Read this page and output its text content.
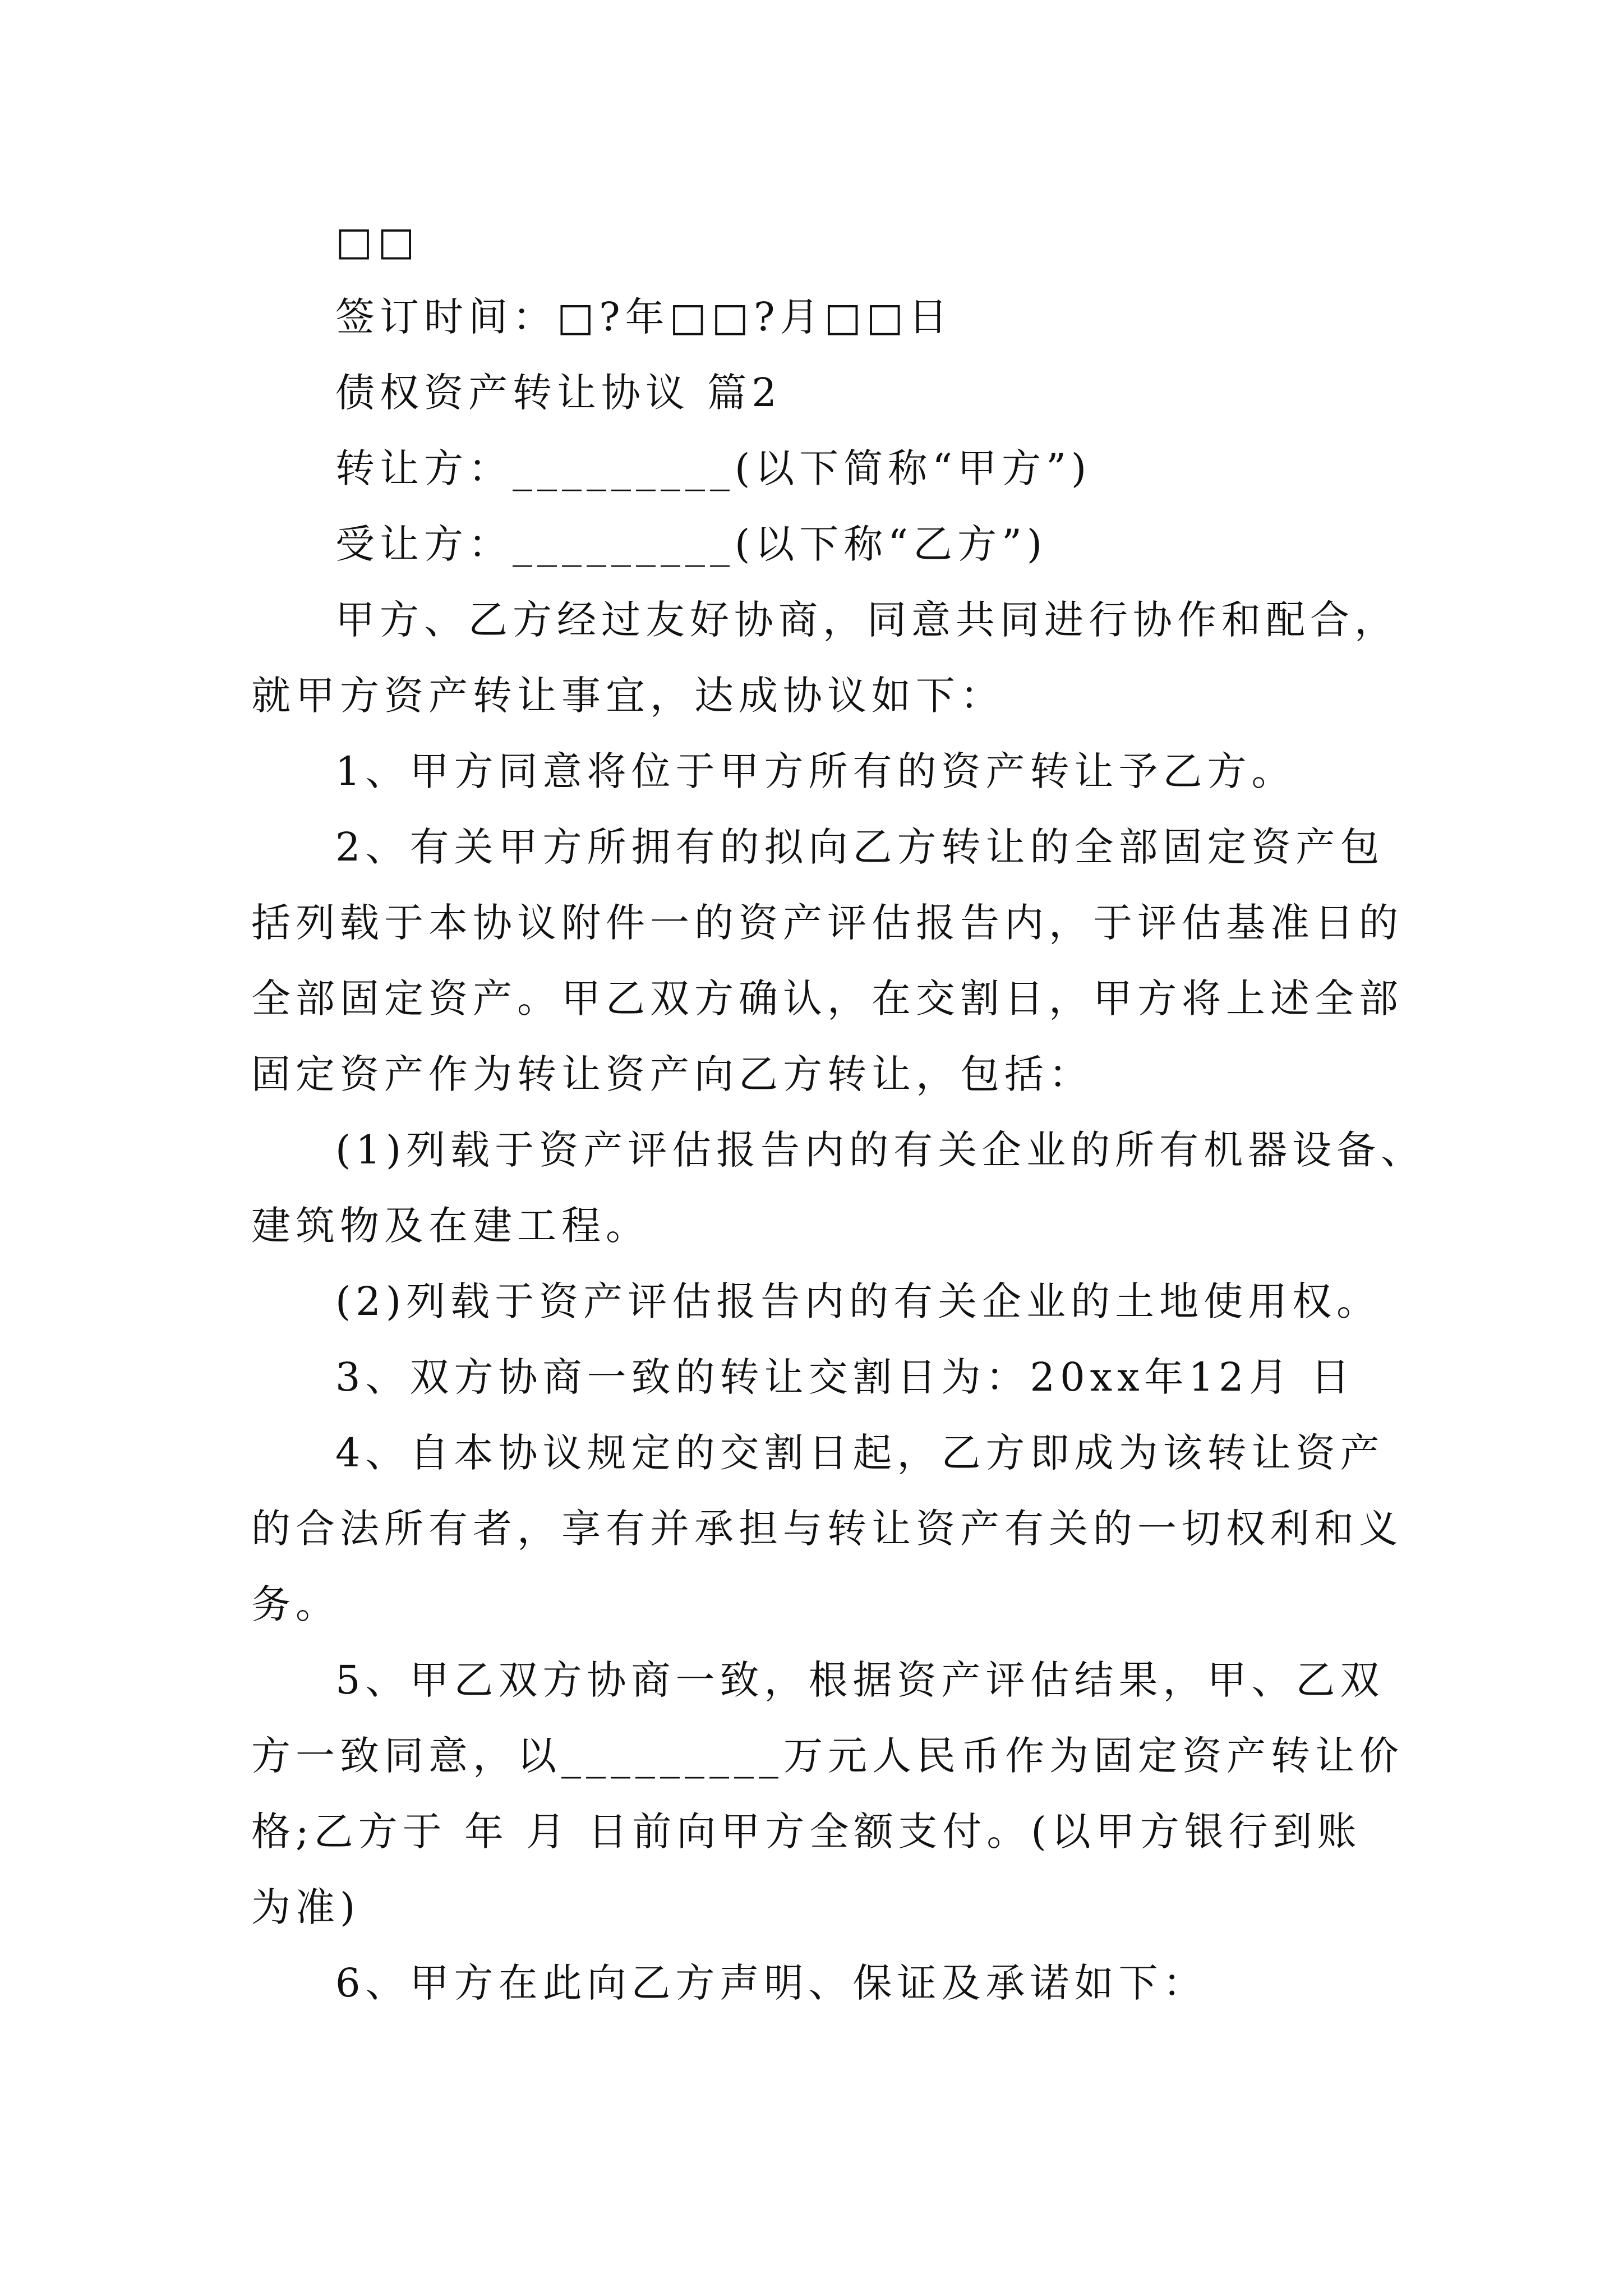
□□
签订时间：□?年□□?月□□日
债权资产转让协议 篇2
转让方：_________(以下简称“甲方”)
受让方：_________(以下称“乙方”)
甲方、乙方经过友好协商，同意共同进行协作和配合，
就甲方资产转让事宜，达成协议如下：
1、甲方同意将位于甲方所有的资产转让予乙方。
2、有关甲方所拥有的拟向乙方转让的全部固定资产包
括列载于本协议附件一的资产评估报告内，于评估基准日的
全部固定资产。甲乙双方确认，在交割日，甲方将上述全部
固定资产作为转让资产向乙方转让，包括：
(1)列载于资产评估报告内的有关企业的所有机器设备、
建筑物及在建工程。
(2)列载于资产评估报告内的有关企业的土地使用权。
3、双方协商一致的转让交割日为：20xx年12月 日
4、自本协议规定的交割日起，乙方即成为该转让资产
的合法所有者，享有并承担与转让资产有关的一切权利和义
务。
5、甲乙双方协商一致，根据资产评估结果，甲、乙双
方一致同意，以_________万元人民币作为固定资产转让价
格;乙方于 年 月 日前向甲方全额支付。(以甲方银行到账
为准)
6、甲方在此向乙方声明、保证及承诺如下：
